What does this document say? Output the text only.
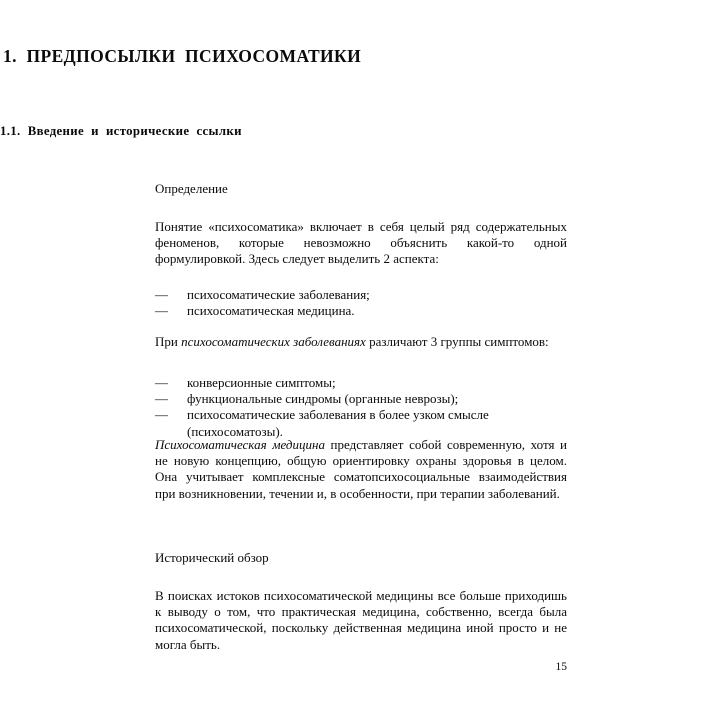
1.  ПРЕДПОСЫЛКИ  ПСИХОСОМАТИКИ
1.1.  Введение  и  исторические  ссылки

Определение

Понятие «психосоматика» включает в себя целый ряд содержательных феноменов, которые невозможно объяснить какой-то одной формулировкой. Здесь следует выделить 2 аспекта:

— психосоматические заболевания;
— психосоматическая медицина.

При психосоматических заболеваниях различают 3 группы симптомов:

— конверсионные симптомы;
— функциональные синдромы (органные неврозы);
— психосоматические заболевания в более узком смысле (психосоматозы).

Психосоматическая медицина представляет собой современную, хотя и не новую концепцию, общую ориентировку охраны здоровья в целом. Она учитывает комплексные соматопсихосоциальные взаимодействия при возникновении, течении и, в особенности, при терапии заболеваний.

Исторический обзор

В поисках истоков психосоматической медицины все больше приходишь к выводу о том, что практическая медицина, собственно, всегда была психосоматической, поскольку действенная медицина иной просто и не могла быть.

15
